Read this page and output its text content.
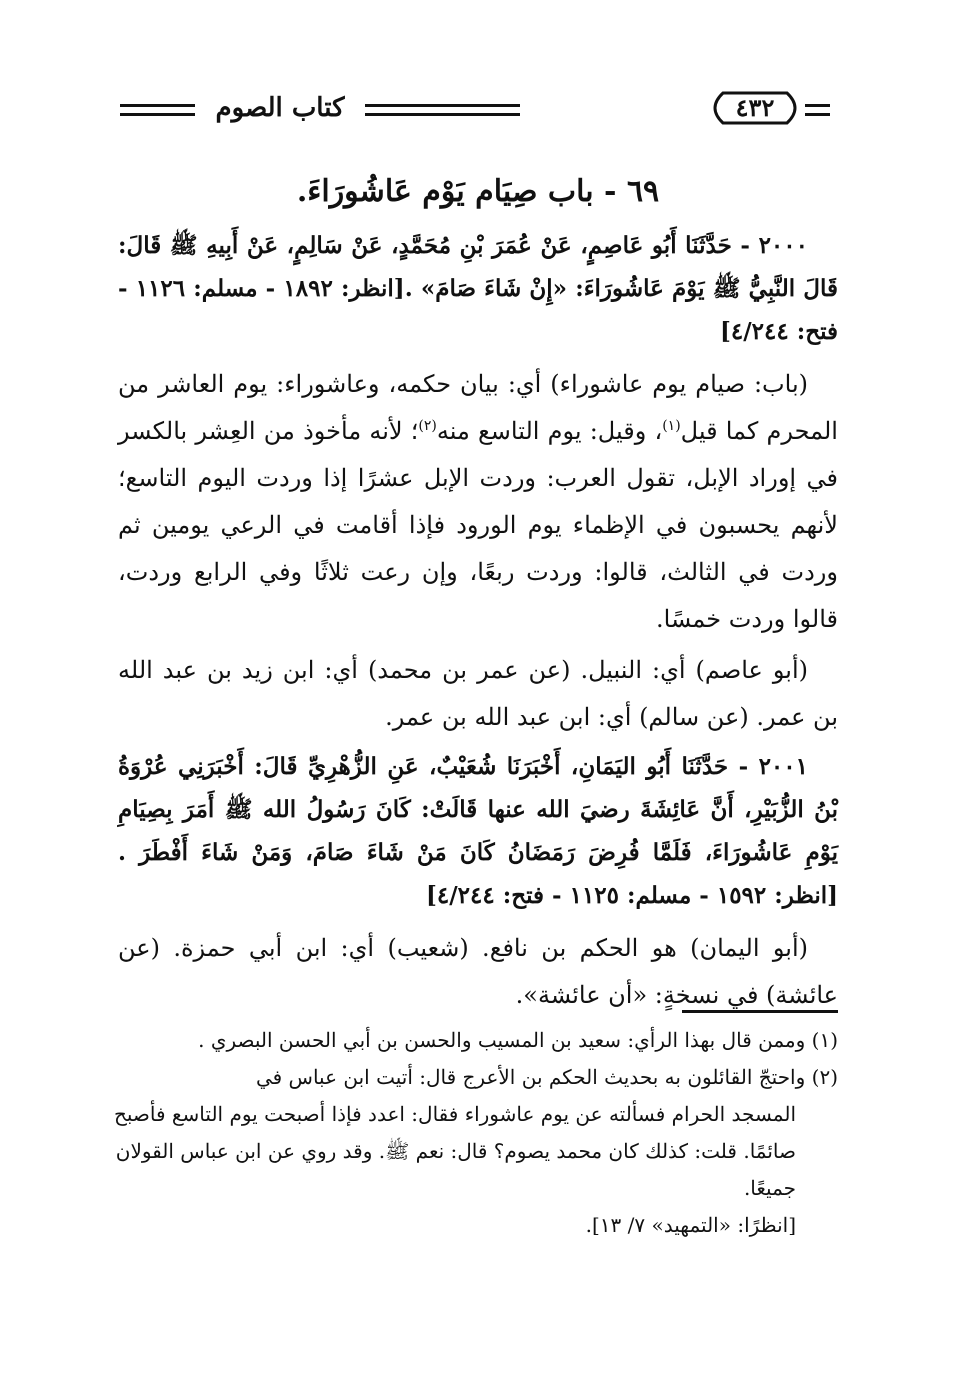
كتاب الصوم	٤٣٢

٦٩ - باب صِيَام يَوْم عَاشُورَاءَ.

٢٠٠٠ - حَدَّثَنَا أَبُو عَاصِمٍ، عَنْ عُمَرَ بْنِ مُحَمَّدٍ، عَنْ سَالِمٍ، عَنْ أَبِيهِ ﷺ قَالَ: قَالَ النَّبِيُّ ﷺ يَوْمَ عَاشُورَاءَ: «إِنْ شَاءَ صَامَ» .[انظر: ١٨٩٢ - مسلم: ١١٢٦ - فتح: ٤/٢٤٤]

(باب: صيام يوم عاشوراء) أي: بيان حكمه، وعاشوراء: يوم العاشر من المحرم كما قيل$^{(١)}$، وقيل: يوم التاسع منه$^{(٢)}$؛ لأنه مأخوذ من العِشر بالكسر في إوراد الإبل، تقول العرب: وردت الإبل عشرًا إذا وردت اليوم التاسع؛ لأنهم يحسبون في الإظماء يوم الورود فإذا أقامت في الرعي يومين ثم وردت في الثالث، قالوا: وردت ربعًا، وإن رعت ثلاثًا وفي الرابع وردت، قالوا وردت خمسًا.

(أبو عاصم) أي: النبيل. (عن عمر بن محمد) أي: ابن زيد بن عبد الله بن عمر. (عن سالم) أي: ابن عبد الله بن عمر.

٢٠٠١ - حَدَّثَنَا أَبُو اليَمَانِ، أَخْبَرَنَا شُعَيْبٌ، عَنِ الزُّهْرِيِّ قَالَ: أَخْبَرَنِي عُرْوَةُ بْنُ الزُّبَيْرِ، أَنَّ عَائِشَةَ رضيَ الله عنها قَالَتْ: كَانَ رَسُولُ الله ﷺ أَمَرَ بِصِيَامِ يَوْمِ عَاشُورَاءَ، فَلَمَّا فُرِضَ رَمَضَانُ كَانَ مَنْ شَاءَ صَامَ، وَمَنْ شَاءَ أَفْطَرَ .[انظر: ١٥٩٢ - مسلم: ١١٢٥ - فتح: ٤/٢٤٤]

(أبو اليمان) هو الحكم بن نافع. (شعيب) أي: ابن أبي حمزة. (عن عائشة) في نسخةٍ: «أن عائشة».

(١) وممن قال بهذا الرأي: سعيد بن المسيب والحسن بن أبي الحسن البصري .

(٢) واحتجّ القائلون به بحديث الحكم بن الأعرج قال: أتيت ابن عباس في

المسجد الحرام فسألته عن يوم عاشوراء فقال: اعدد فإذا أصبحت يوم التاسع فأصبح صائمًا. قلت: كذلك كان محمد يصوم؟ قال: نعم ﷺ. وقد روي عن ابن عباس القولان جميعًا.

[انظرًا: «التمهيد» ٧/ ١٣].
